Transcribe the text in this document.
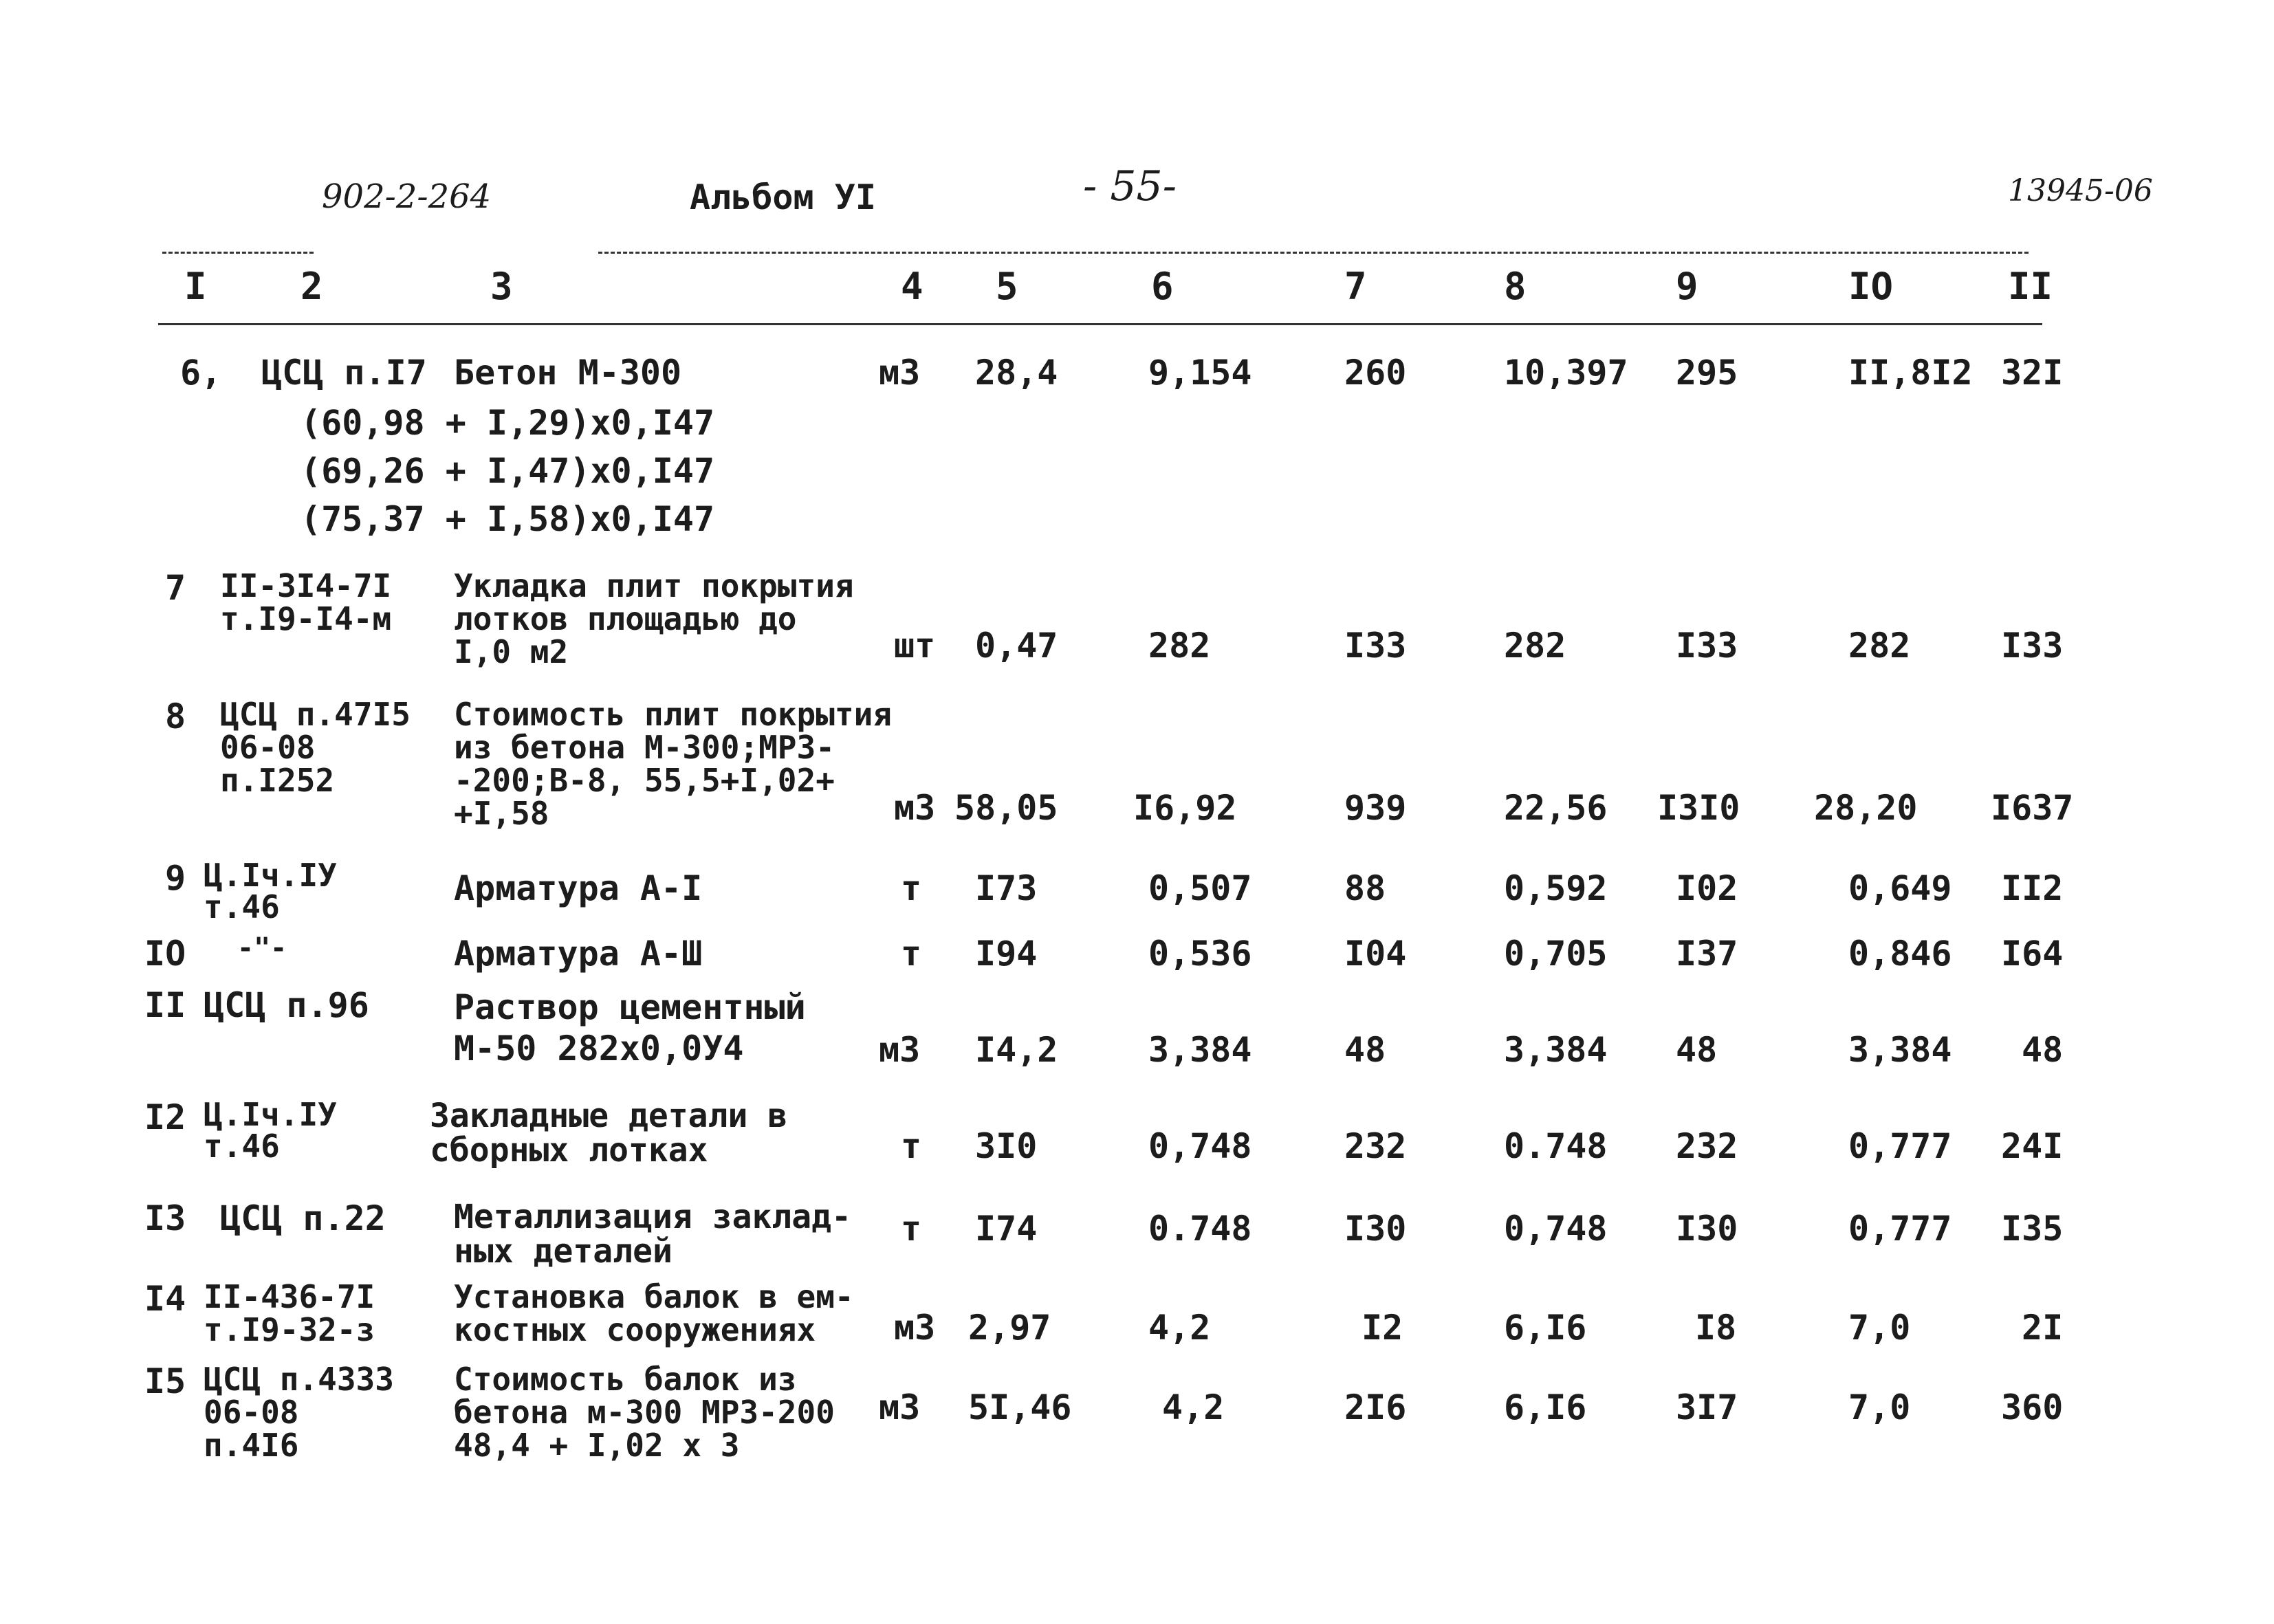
902-2-264	Альбом УI	- 55-	13945-06
I	2	3	4 5	6	7	8	9	IO	II
6, ЦСЦ п.I7 Бетон М-300
(60,98 + I,29)х0,I47
(69,26 + I,47)х0,I47
(75,37 + I,58)х0,I47
м3 28,4	9,154	260	10,397 295	II,8I2 32I
7 II-3I4-7I
т.I9-I4-м
Укладка плит покрытия
лотков площадью до
I,0 м2	шт 0,47	282	I33	282	I33	282	I33
8 ЦСЦ п.47I5
06-08
п.I252
Стоимость плит покрытия
из бетона М-300;МР3-
-200;В-8, 55,5+I,02+
+I,58	м3 58,05 I6,92	939	22,56 I3I0 28,20 I637
9 Ц.Iч.IУ
т.46	Арматура А-I	т I73	0,507	88	0,592 I02	0,649 II2
IO -"-	Арматура А-Ш	т I94	0,536	I04	0,705 I37	0,846 I64
II ЦСЦ п.96 Раствор цементный
М-50 282х0,0У4	м3 I4,2	3,384	48	3,384 48	3,384 48
I2 Ц.Iч.IУ
т.46
Закладные детали в
сборных лотках	т 3I0	0,748	232	0.748 232	0,777 24I
I3 ЦСЦ п.22 Металлизация заклад-
ных деталей
т I74	0.748	I30	0,748 I30	0,777 I35
I4 II-436-7I
т.I9-32-з
Установка балок в ем-
костных сооружениях	м3 2,97	4,2	I2	6,I6	I8	7,0	2I
I5 ЦСЦ п.4333
06-08
п.4I6
Стоимость балок из
бетона м-300 МР3-200
48,4 + I,02 х 3
м3 5I,46	4,2	2I6	6,I6	3I7	7,0	360
